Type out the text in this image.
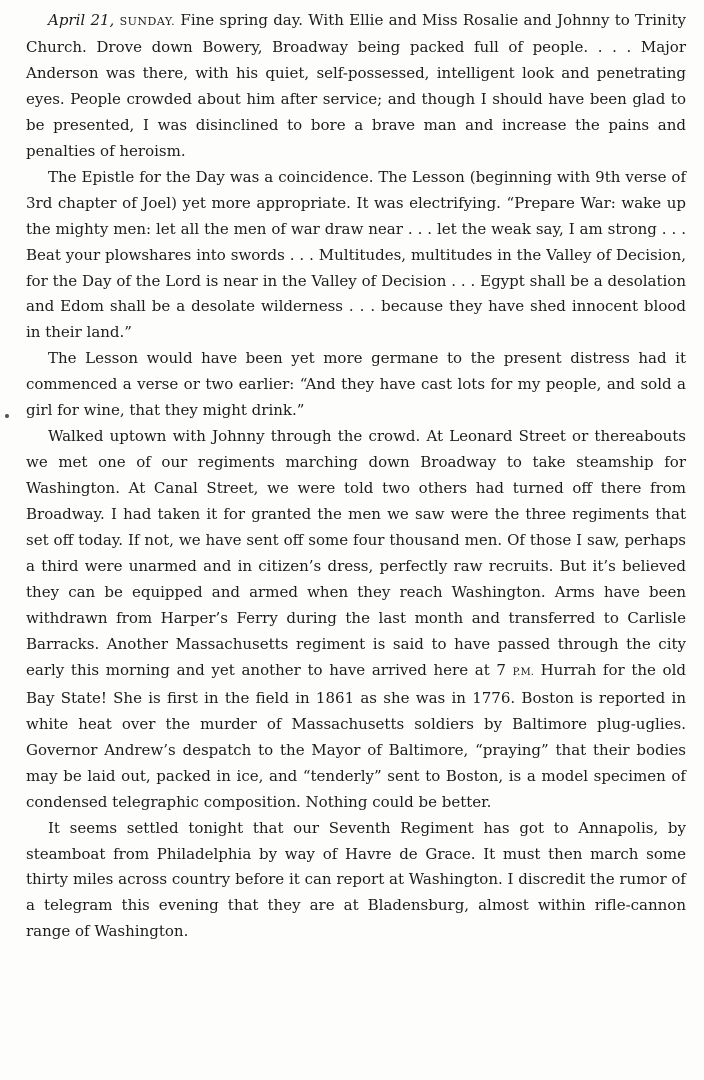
April 21, SUNDAY. Fine spring day. With Ellie and Miss Rosalie and Johnny to Trinity Church. Drove down Bowery, Broadway being packed full of people. . . . Major Anderson was there, with his quiet, self-possessed, intelligent look and penetrating eyes. People crowded about him after service; and though I should have been glad to be presented, I was disinclined to bore a brave man and increase the pains and penalties of heroism.

The Epistle for the Day was a coincidence. The Lesson (beginning with 9th verse of 3rd chapter of Joel) yet more appropriate. It was electrifying. “Prepare War: wake up the mighty men: let all the men of war draw near . . . let the weak say, I am strong . . . Beat your plowshares into swords . . . Multitudes, multitudes in the Valley of Decision, for the Day of the Lord is near in the Valley of Decision . . . Egypt shall be a desolation and Edom shall be a desolate wilderness . . . because they have shed innocent blood in their land.”

The Lesson would have been yet more germane to the present distress had it commenced a verse or two earlier: “And they have cast lots for my people, and sold a girl for wine, that they might drink.”

Walked uptown with Johnny through the crowd. At Leonard Street or thereabouts we met one of our regiments marching down Broadway to take steamship for Washington. At Canal Street, we were told two others had turned off there from Broadway. I had taken it for granted the men we saw were the three regiments that set off today. If not, we have sent off some four thousand men. Of those I saw, perhaps a third were unarmed and in citizen’s dress, perfectly raw recruits. But it’s believed they can be equipped and armed when they reach Washington. Arms have been withdrawn from Harper’s Ferry during the last month and transferred to Carlisle Barracks. Another Massachusetts regiment is said to have passed through the city early this morning and yet another to have arrived here at 7 P.M. Hurrah for the old Bay State! She is first in the field in 1861 as she was in 1776. Boston is reported in white heat over the murder of Massachusetts soldiers by Baltimore plug-uglies. Governor Andrew’s despatch to the Mayor of Baltimore, “praying” that their bodies may be laid out, packed in ice, and “tenderly” sent to Boston, is a model specimen of condensed telegraphic composition. Nothing could be better.

It seems settled tonight that our Seventh Regiment has got to Annapolis, by steamboat from Philadelphia by way of Havre de Grace. It must then march some thirty miles across country before it can report at Washington. I discredit the rumor of a telegram this evening that they are at Bladensburg, almost within rifle-cannon range of Washington.
